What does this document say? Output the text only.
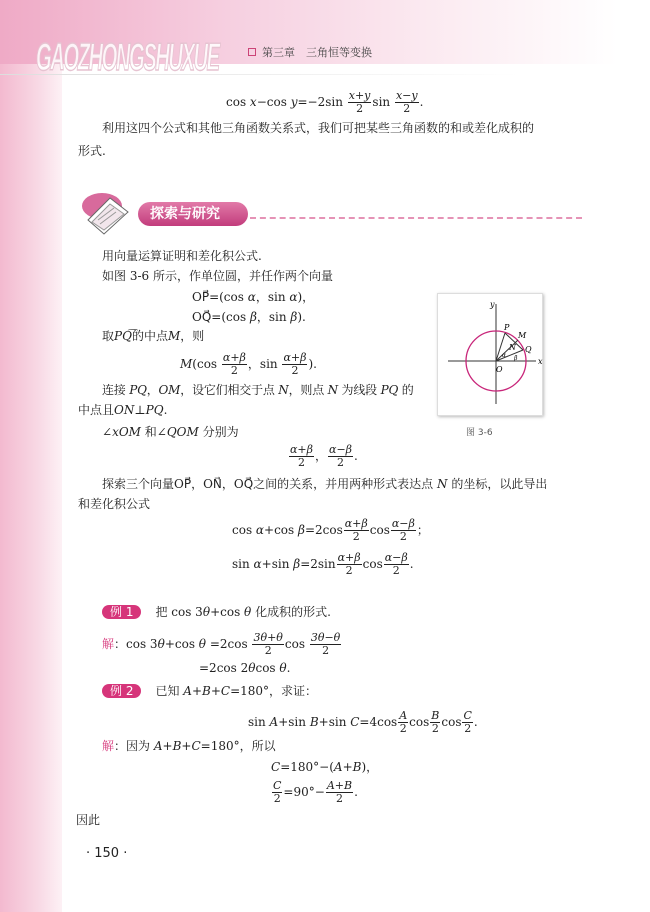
GAOZHONGSHUXUE	第三章　三角恒等变换
cos x−cos $y=-2\sin \frac{x+y}{2}$ $\sin \frac{x-y}{2}$ .
利用这四个公式和其他三角函数关系式，我们可把某些三角函数的和或差化成积的
形式.
探索与研究
用向量运算证明和差化积公式.
如图 3-6 所示，作单位圆，并任作两个向量
OP⃗=(cos α，sin α)，
OQ⃗=(cos β，sin β).
取PQ͡的中点M，则
$M(\cos \frac{\alpha+\beta}{2}$ ，$\sin \frac{\alpha+\beta}{2}$ ).
连接 PQ，OM，设它们相交于点 N，则点 N 为线段 PQ 的
中点且ON⊥PQ.
∠xOM 和∠QOM 分别为
$\frac{\alpha+\beta}{2}$ ， $\frac{\alpha-\beta}{2}$ .
x
y
O
P
Q
M
N
α β
图 3-6
探索三个向量OP⃗，ON⃗，OQ⃗之间的关系，并用两种形式表达点 N 的坐标，以此导出
和差化积公式
cos α+cos $\beta=2\cos \frac{\alpha+\beta}{2}$ $\cos \frac{\alpha-\beta}{2}$ ；
sin α+sin $\beta=2\sin \frac{\alpha+\beta}{2}$ $\cos \frac{\alpha-\beta}{2}$ .
例 1 把 cos 3θ+cos θ 化成积的形式.
解：cos 3θ+cos $\theta =2\cos \frac{3\theta+\theta}{2}$ $\cos \frac{3\theta-\theta}{2}$
=2cos 2θcos θ.
例 2 已知 A+B+C=180°，求证：
sin A+sin B+sin $C=4\cos \frac{A}{2}$ $\cos \frac{B}{2}$ $\cos \frac{C}{2}$ .
解：因为 A+B+C=180°，所以
C=180°−(A+B)，
$\frac{C}{2} =90^\circ- \frac{A+B}{2}$ .
因此
· 150 ·
